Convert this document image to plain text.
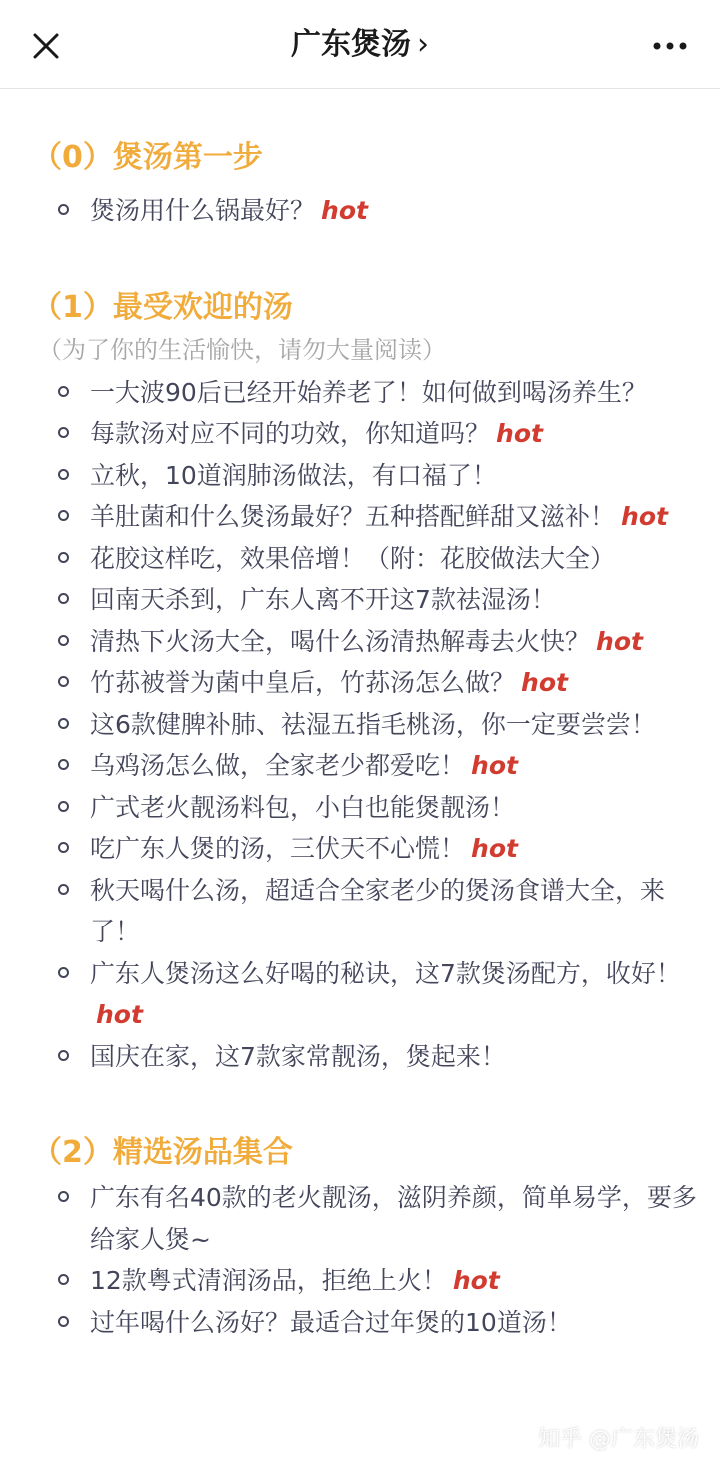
广东煲汤 ›
（0）煲汤第一步
煲汤用什么锅最好？ hot
（1）最受欢迎的汤
（为了你的生活愉快，请勿大量阅读）
一大波90后已经开始养老了！如何做到喝汤养生？
每款汤对应不同的功效，你知道吗？ hot
立秋，10道润肺汤做法，有口福了！
羊肚菌和什么煲汤最好？五种搭配鲜甜又滋补！ hot
花胶这样吃，效果倍增！（附：花胶做法大全）
回南天杀到，广东人离不开这7款祛湿汤！
清热下火汤大全，喝什么汤清热解毒去火快？ hot
竹荪被誉为菌中皇后，竹荪汤怎么做？ hot
这6款健脾补肺、祛湿五指毛桃汤，你一定要尝尝！
乌鸡汤怎么做，全家老少都爱吃！ hot
广式老火靓汤料包，小白也能煲靓汤！
吃广东人煲的汤，三伏天不心慌！ hot
秋天喝什么汤，超适合全家老少的煲汤食谱大全，来了！
广东人煲汤这么好喝的秘诀，这7款煲汤配方，收好！hot
国庆在家，这7款家常靓汤，煲起来！
（2）精选汤品集合
广东有名40款的老火靓汤，滋阴养颜，简单易学，要多给家人煲~
12款粤式清润汤品，拒绝上火！ hot
过年喝什么汤好？最适合过年煲的10道汤！
知乎 @广东煲汤
